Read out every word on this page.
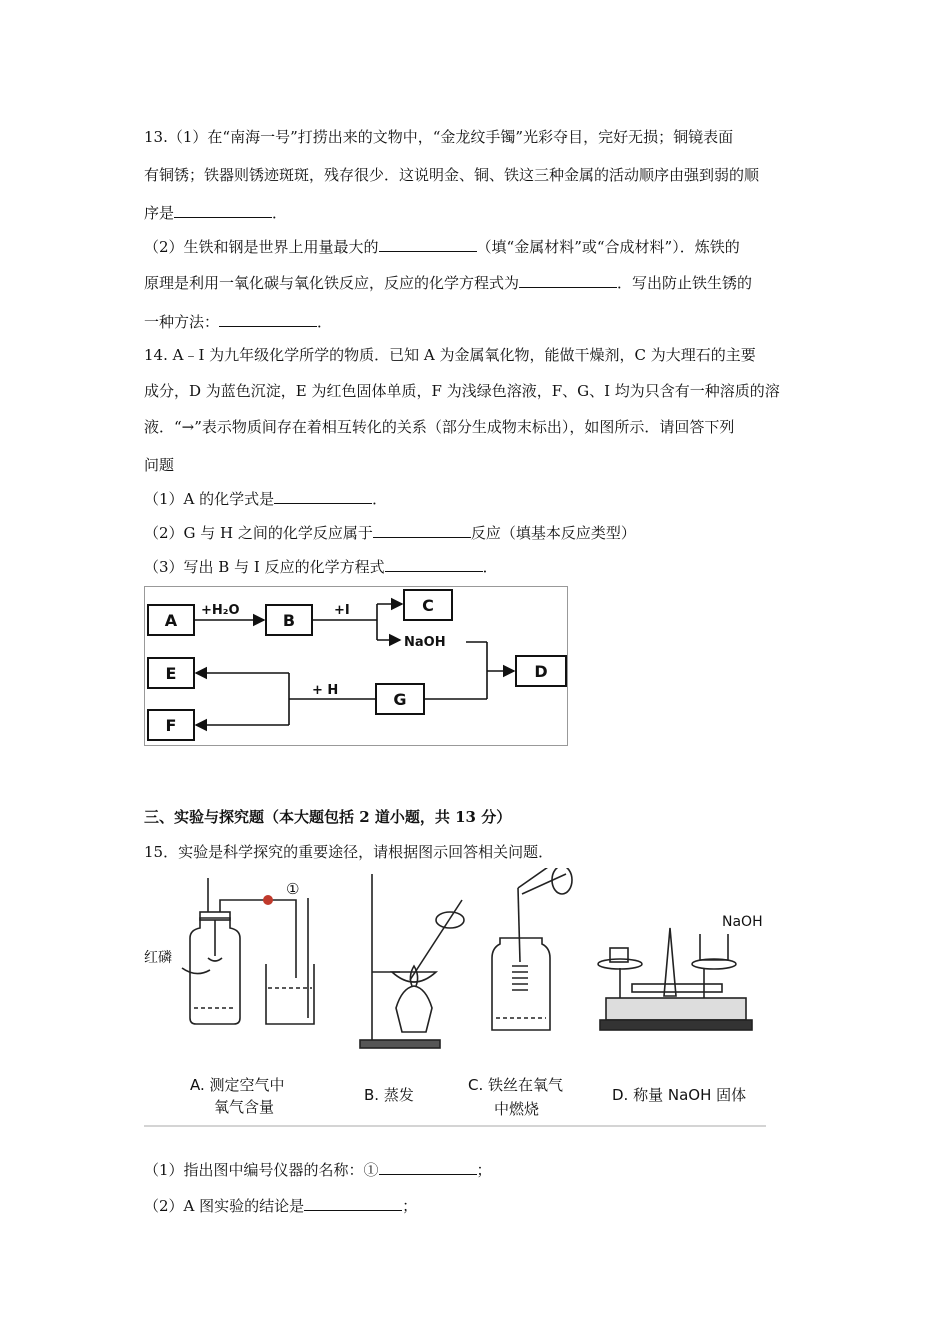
13.（1）在“南海一号”打捞出来的文物中，“金龙纹手镯”光彩夺目，完好无损；铜镜表面
有铜锈；铁器则锈迹斑斑，残存很少．这说明金、铜、铁这三种金属的活动顺序由强到弱的顺
序是	．
（2）生铁和钢是世界上用量最大的	（填“金属材料”或“合成材料”）．炼铁的
原理是利用一氧化碳与氧化铁反应，反应的化学方程式为	．写出防止铁生锈的
一种方法：	．
14. A﹣Ⅰ 为九年级化学所学的物质．已知 A 为金属氧化物，能做干燥剂，C 为大理石的主要
成分，D 为蓝色沉淀，E 为红色固体单质，F 为浅绿色溶液，F、G、I 均为只含有一种溶质的溶
液．“→”表示物质间存在着相互转化的关系（部分生成物末标出），如图所示．请回答下列
问题
（1）A 的化学式是	．
（2）G 与 H 之间的化学反应属于	反应（填基本反应类型）
（3）写出 B 与 I 反应的化学方程式	．
A	B
C
D
E
F
G
+H₂O	+I
NaOH
+ H
三、实验与探究题（本大题包括 2 道小题，共 13 分）
15．实验是科学探究的重要途径，请根据图示回答相关问题．
红磷
①
NaOH
A. 测定空气中
氧气含量
B. 蒸发
C. 铁丝在氧气
中燃烧
D. 称量 NaOH 固体
（1）指出图中编号仪器的名称：①	；
（2）A 图实验的结论是	；
